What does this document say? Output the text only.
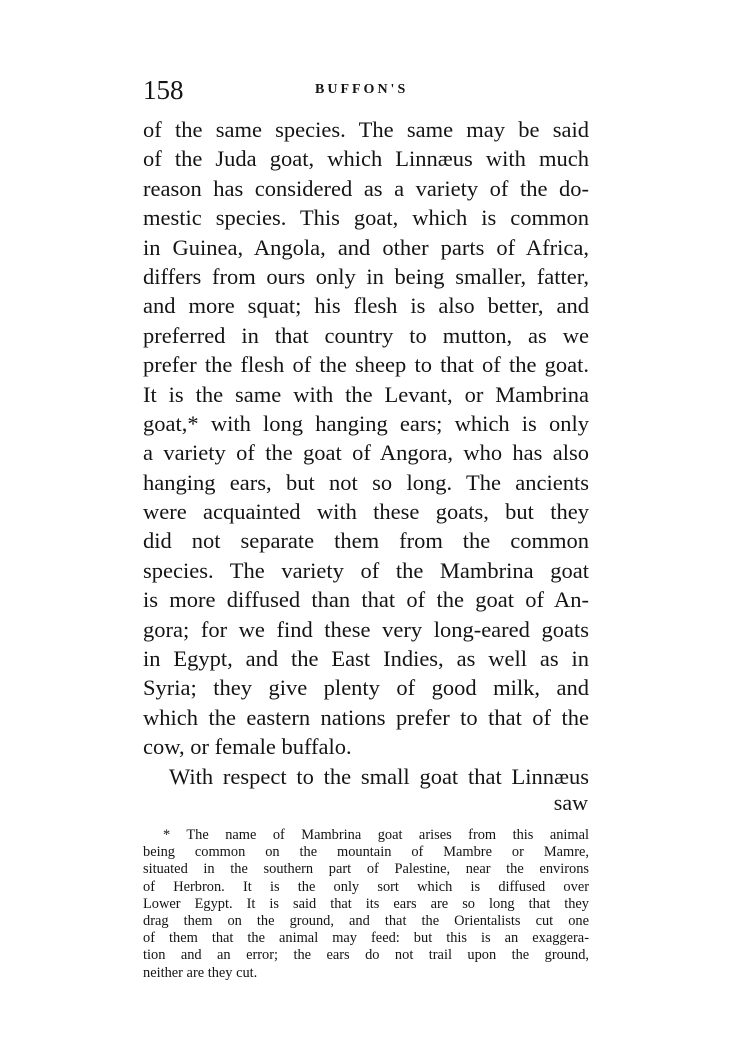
158	BUFFON'S
of the same species. The same may be said
of the Juda goat, which Linnæus with much
reason has considered as a variety of the do-
mestic species. This goat, which is common
in Guinea, Angola, and other parts of Africa,
differs from ours only in being smaller, fatter,
and more squat; his flesh is also better, and
preferred in that country to mutton, as we
prefer the flesh of the sheep to that of the goat.
It is the same with the Levant, or Mambrina
goat,* with long hanging ears; which is only
a variety of the goat of Angora, who has also
hanging ears, but not so long. The ancients
were acquainted with these goats, but they
did not separate them from the common
species. The variety of the Mambrina goat
is more diffused than that of the goat of An-
gora; for we find these very long-eared goats
in Egypt, and the East Indies, as well as in
Syria; they give plenty of good milk, and
which the eastern nations prefer to that of the
cow, or female buffalo.
With respect to the small goat that Linnæus
saw
* The name of Mambrina goat arises from this animal
being common on the mountain of Mambre or Mamre,
situated in the southern part of Palestine, near the environs
of Herbron. It is the only sort which is diffused over
Lower Egypt. It is said that its ears are so long that they
drag them on the ground, and that the Orientalists cut one
of them that the animal may feed: but this is an exaggera-
tion and an error; the ears do not trail upon the ground,
neither are they cut.
